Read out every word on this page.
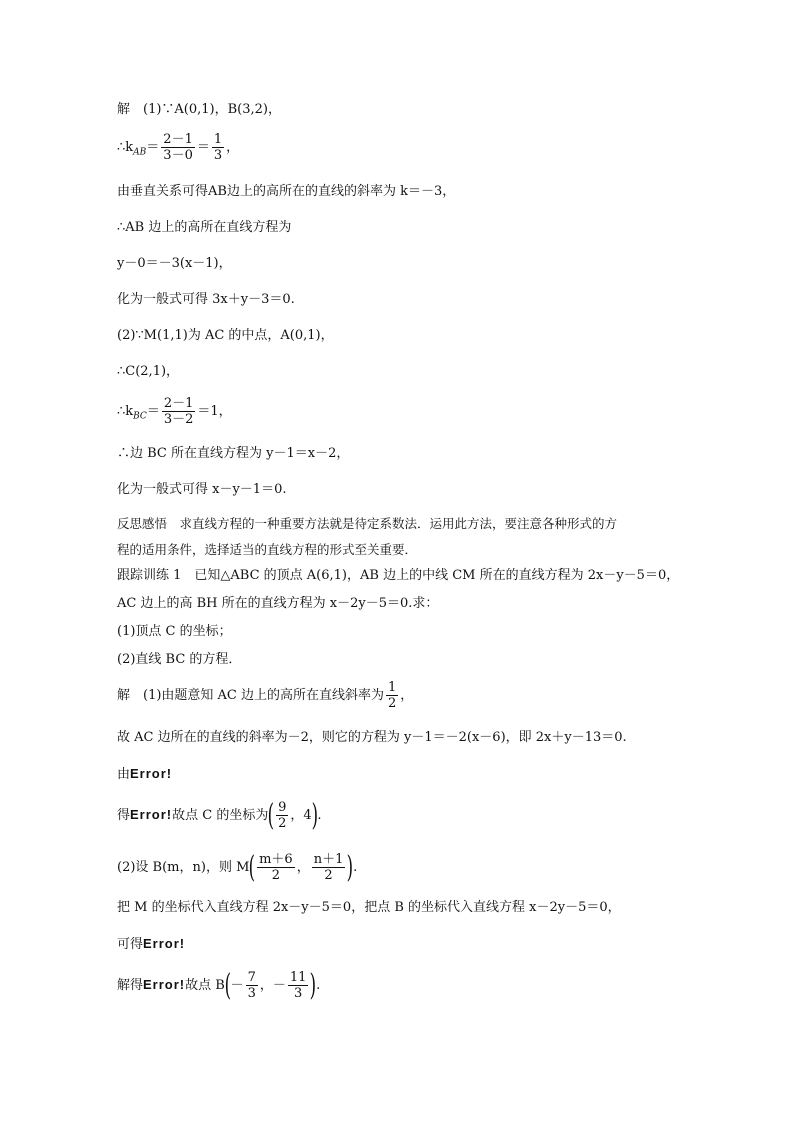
解　(1)∵A(0,1)，B(3,2)，
$\therefore k_{AB}= \frac{2-1}{3-0} = \frac{1}{3}$ ，
由垂直关系可得AB边上的高所在的直线的斜率为 k＝－3，
∴AB 边上的高所在直线方程为
y－0＝－3(x－1)，
化为一般式可得 3x＋y－3＝0.
(2)∵M(1,1)为 AC 的中点，A(0,1)，
∴C(2,1)，
$\therefore k_{BC}= \frac{2-1}{3-2} =1$，
∴边 BC 所在直线方程为 y－1＝x－2，
化为一般式可得 x－y－1＝0.
反思感悟　求直线方程的一种重要方法就是待定系数法．运用此方法，要注意各种形式的方
程的适用条件，选择适当的直线方程的形式至关重要．
跟踪训练 1　已知△ABC 的顶点 A(6,1)，AB 边上的中线 CM 所在的直线方程为 2x－y－5＝0，
AC 边上的高 BH 所在的直线方程为 x－2y－5＝0.求：
(1)顶点 C 的坐标；
(2)直线 BC 的方程．
解　(1)由题意知 AC 边上的高所在直线斜率为 $\frac{1}{2}$ ，
故 AC 边所在的直线的斜率为－2，则它的方程为 y－1＝－2(x－6)，即 2x＋y－13＝0.
由Error!
得Error!故点 C 的坐标为( $\frac{9}{2}$ ，4).
(2)设 B(m，n)，则 $M( \frac{m+6}{2}$ ， $\frac{n+1}{2}$ ).
把 M 的坐标代入直线方程 2x－y－5＝0，把点 B 的坐标代入直线方程 x－2y－5＝0，
可得Error!
解得Error!故点 $B(- \frac{7}{3}$ ，－ $\frac{11}{3}$ ).
